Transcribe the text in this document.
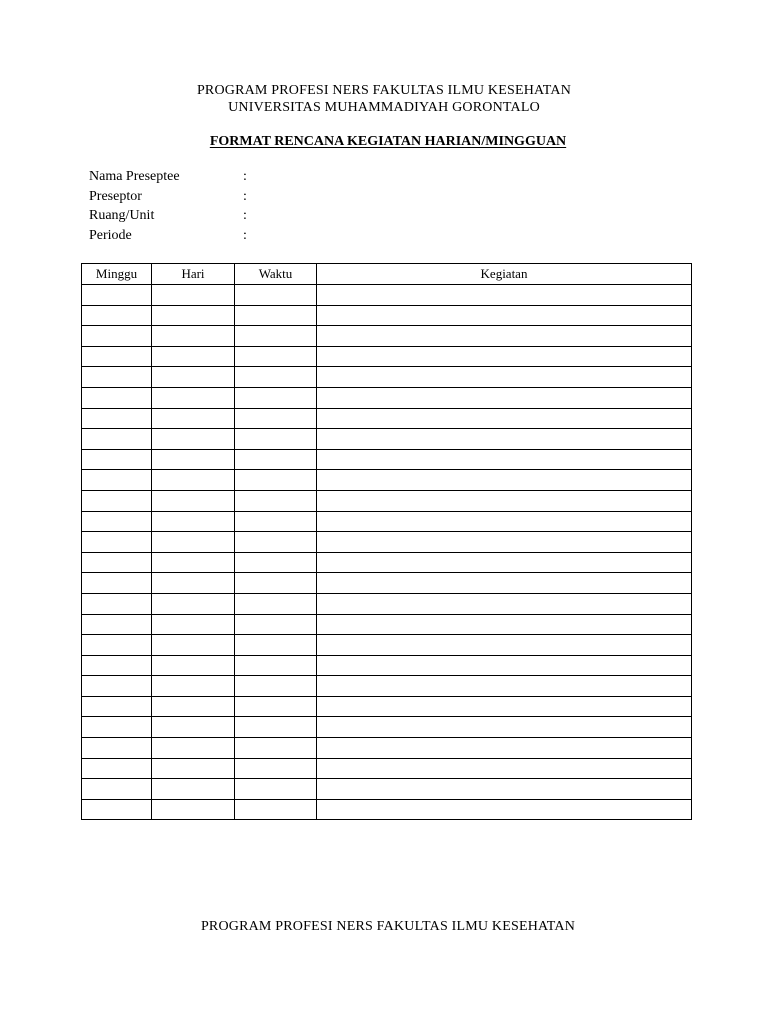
PROGRAM PROFESI NERS FAKULTAS ILMU KESEHATAN
UNIVERSITAS MUHAMMADIYAH GORONTALO
FORMAT RENCANA KEGIATAN HARIAN/MINGGUAN
Nama Preseptee	:
Preseptor	:
Ruang/Unit	:
Periode	:
Minggu	Hari	Waktu	Kegiatan

PROGRAM PROFESI NERS FAKULTAS ILMU KESEHATAN
